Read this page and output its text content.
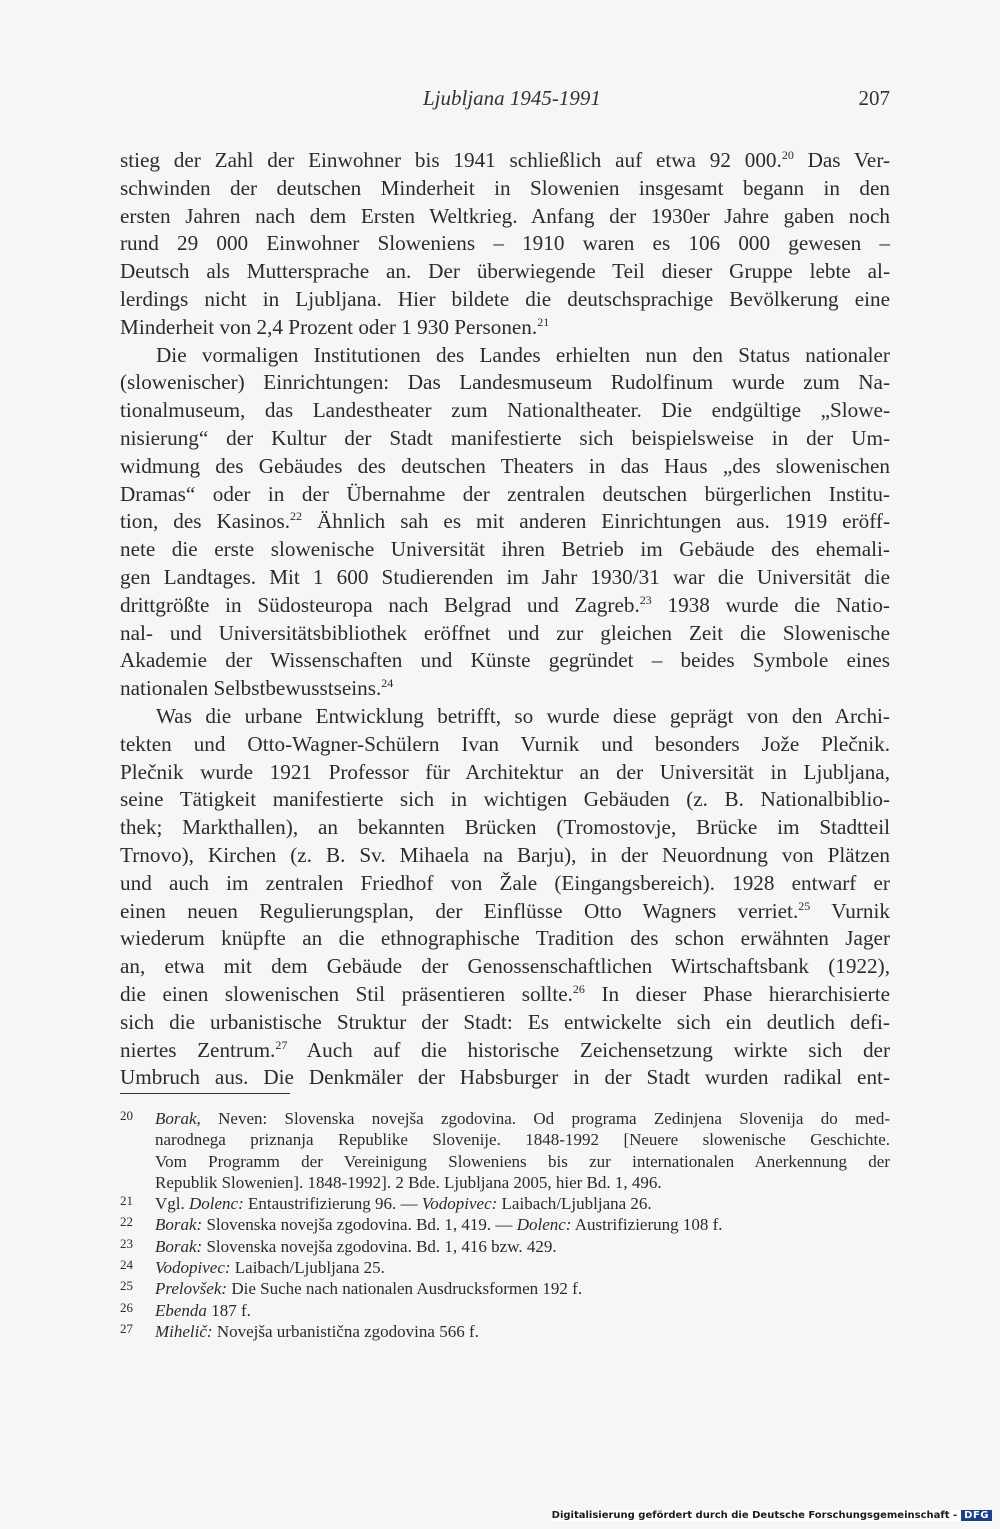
Ljubljana 1945-1991	207
stieg der Zahl der Einwohner bis 1941 schließlich auf etwa 92 000.20 Das Ver-
schwinden der deutschen Minderheit in Slowenien insgesamt begann in den
ersten Jahren nach dem Ersten Weltkrieg. Anfang der 1930er Jahre gaben noch
rund 29 000 Einwohner Sloweniens – 1910 waren es 106 000 gewesen –
Deutsch als Muttersprache an. Der überwiegende Teil dieser Gruppe lebte al-
lerdings nicht in Ljubljana. Hier bildete die deutschsprachige Bevölkerung eine
Minderheit von 2,4 Prozent oder 1 930 Personen.$^{21}$
Die vormaligen Institutionen des Landes erhielten nun den Status nationaler
(slowenischer) Einrichtungen: Das Landesmuseum Rudolfinum wurde zum Na-
tionalmuseum, das Landestheater zum Nationaltheater. Die endgültige „Slowe-
nisierung“ der Kultur der Stadt manifestierte sich beispielsweise in der Um-
widmung des Gebäudes des deutschen Theaters in das Haus „des slowenischen
Dramas“ oder in der Übernahme der zentralen deutschen bürgerlichen Institu-
tion, des Kasinos.$^{22}$ Ähnlich sah es mit anderen Einrichtungen aus. 1919 eröff-
nete die erste slowenische Universität ihren Betrieb im Gebäude des ehemali-
gen Landtages. Mit 1 600 Studierenden im Jahr 1930/31 war die Universität die
drittgrößte in Südosteuropa nach Belgrad und Zagreb.$^{23}$ 1938 wurde die Natio-
nal- und Universitätsbibliothek eröffnet und zur gleichen Zeit die Slowenische
Akademie der Wissenschaften und Künste gegründet – beides Symbole eines
nationalen Selbstbewusstseins.$^{24}$
Was die urbane Entwicklung betrifft, so wurde diese geprägt von den Archi-
tekten und Otto-Wagner-Schülern Ivan Vurnik und besonders Jože Plečnik.
Plečnik wurde 1921 Professor für Architektur an der Universität in Ljubljana,
seine Tätigkeit manifestierte sich in wichtigen Gebäuden (z. B. Nationalbiblio-
thek; Markthallen), an bekannten Brücken (Tromostovje, Brücke im Stadtteil
Trnovo), Kirchen (z. B. Sv. Mihaela na Barju), in der Neuordnung von Plätzen
und auch im zentralen Friedhof von Žale (Eingangsbereich). 1928 entwarf er
einen neuen Regulierungsplan, der Einflüsse Otto Wagners verriet.$^{25}$ Vurnik
wiederum knüpfte an die ethnographische Tradition des schon erwähnten Jager
an, etwa mit dem Gebäude der Genossenschaftlichen Wirtschaftsbank (1922),
die einen slowenischen Stil präsentieren sollte.$^{26}$ In dieser Phase hierarchisierte
sich die urbanistische Struktur der Stadt: Es entwickelte sich ein deutlich defi-
niertes Zentrum.$^{27}$ Auch auf die historische Zeichensetzung wirkte sich der
Umbruch aus. Die Denkmäler der Habsburger in der Stadt wurden radikal ent-
20 Borak, Neven: Slovenska novejša zgodovina. Od programa Zedinjena Slovenija do med-
narodnega priznanja Republike Slovenije. 1848-1992 [Neuere slowenische Geschichte.
Vom Programm der Vereinigung Sloweniens bis zur internationalen Anerkennung der
Republik Slowenien]. 1848-1992]. 2 Bde. Ljubljana 2005, hier Bd. 1, 496.
21 Vgl. Dolenc: Entaustrifizierung 96. — Vodopivec: Laibach/Ljubljana 26.
22 Borak: Slovenska novejša zgodovina. Bd. 1, 419. — Dolenc: Austrifizierung 108 f.
23 Borak: Slovenska novejša zgodovina. Bd. 1, 416 bzw. 429.
24 Vodopivec: Laibach/Ljubljana 25.
25 Prelovšek: Die Suche nach nationalen Ausdrucksformen 192 f.
26 Ebenda 187 f.
27 Mihelič: Novejša urbanistična zgodovina 566 f.
Digitalisierung gefördert durch die Deutsche Forschungsgemeinschaft - DFG
